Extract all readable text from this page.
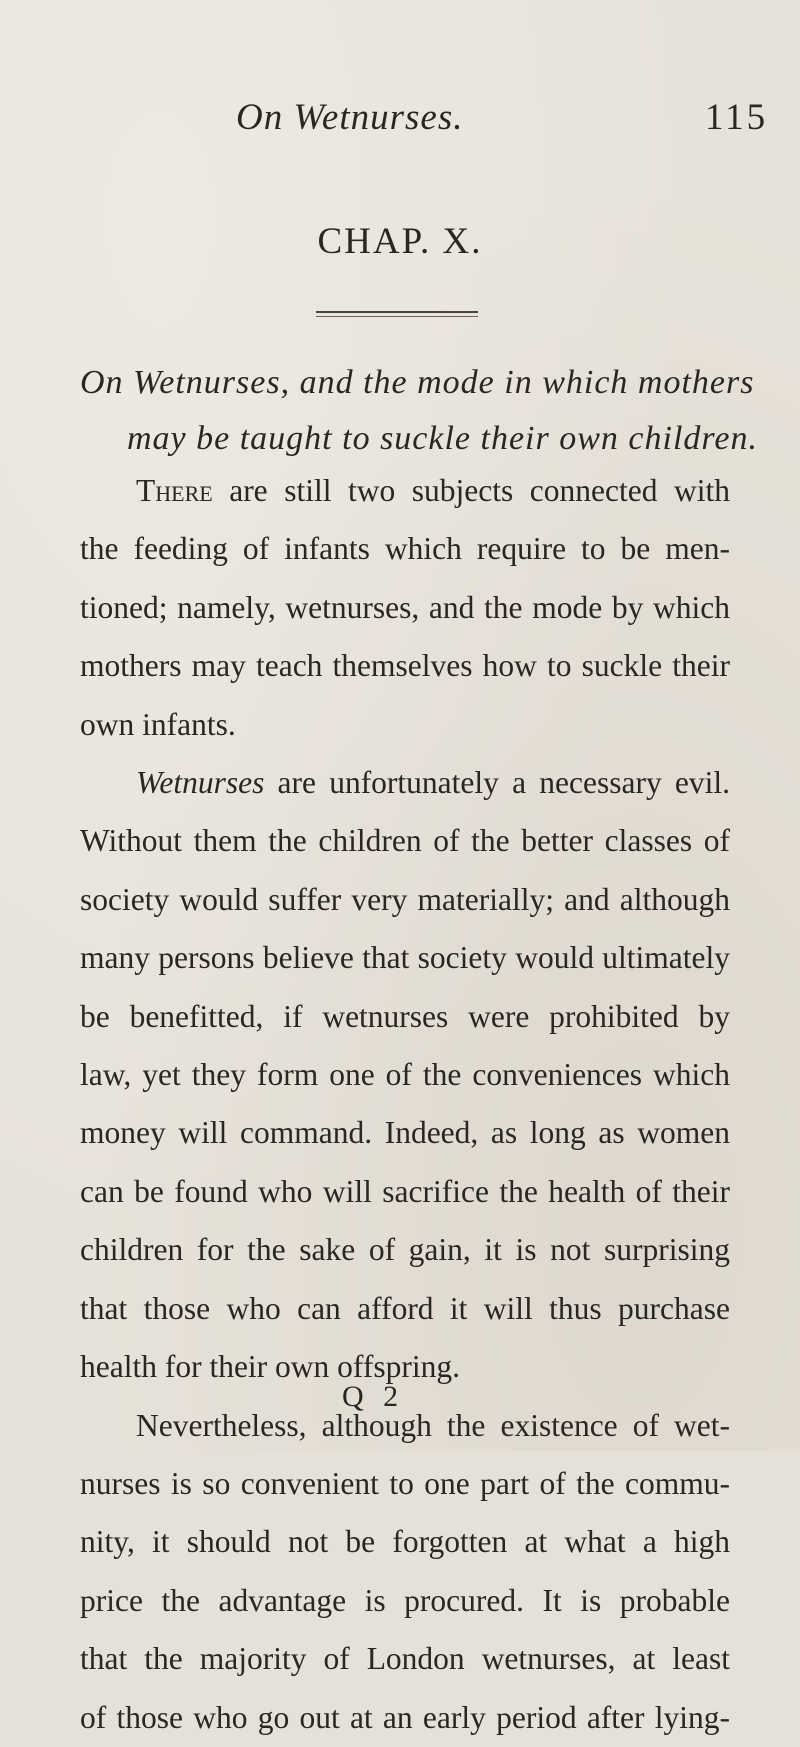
On Wetnurses.	115
CHAP. X.
On Wetnurses, and the mode in which mothers
may be taught to suckle their own children.
There are still two subjects connected with
the feeding of infants which require to be men-
tioned; namely, wetnurses, and the mode by which
mothers may teach themselves how to suckle their
own infants.
Wetnurses are unfortunately a necessary evil.
Without them the children of the better classes of
society would suffer very materially; and although
many persons believe that society would ultimately
be benefitted, if wetnurses were prohibited by
law, yet they form one of the conveniences which
money will command. Indeed, as long as women
can be found who will sacrifice the health of their
children for the sake of gain, it is not surprising
that those who can afford it will thus purchase
health for their own offspring.
Nevertheless, although the existence of wet-
nurses is so convenient to one part of the commu-
nity, it should not be forgotten at what a high
price the advantage is procured. It is probable
that the majority of London wetnurses, at least
of those who go out at an early period after lying-
Q 2
